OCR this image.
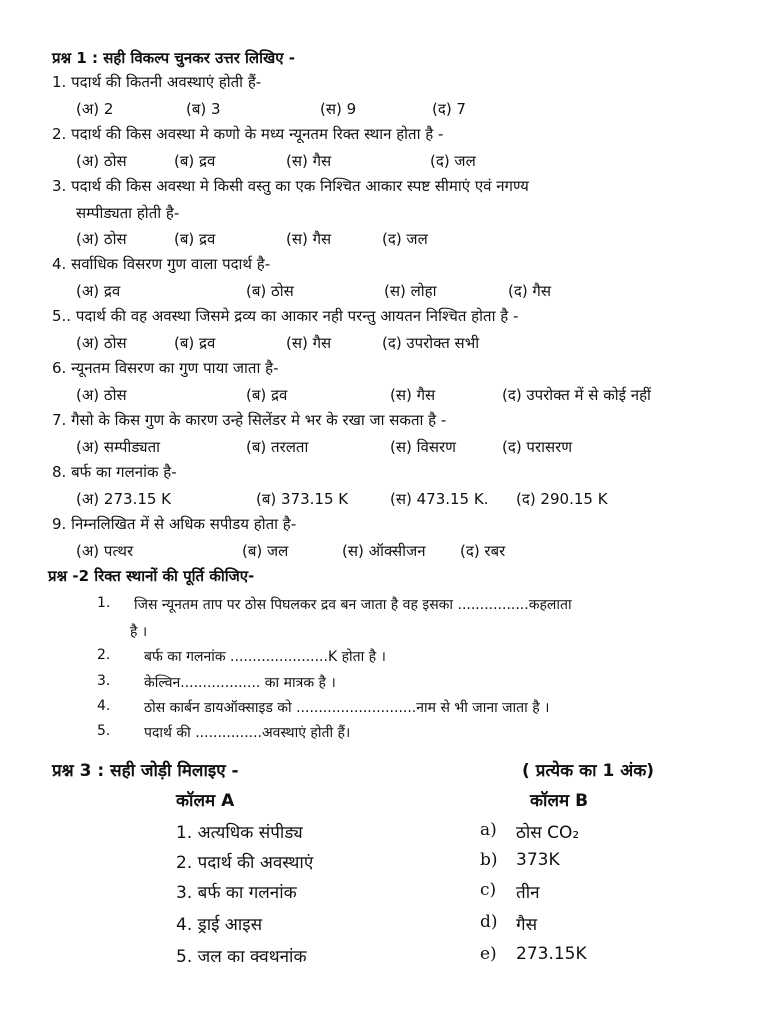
प्रश्न 1 : सही विकल्प चुनकर उत्तर लिखिए -
1. पदार्थ की कितनी अवस्थाएं होती हैं-
(अ) 2	(ब) 3	(स) 9	(द) 7
2. पदार्थ की किस अवस्था मे कणो के मध्य न्यूनतम रिक्त स्थान होता है -
(अ) ठोस	(ब) द्रव	(स) गैस	(द) जल
3. पदार्थ की किस अवस्था मे किसी वस्तु का एक निश्चित आकार स्पष्ट सीमाएं एवं नगण्य
सम्पीड्यता होती है-
(अ) ठोस	(ब) द्रव	(स) गैस	(द) जल
4. सर्वाधिक विसरण गुण वाला पदार्थ है-
(अ) द्रव	(ब) ठोस	(स) लोहा	(द) गैस
5.. पदार्थ की वह अवस्था जिसमे द्रव्य का आकार नही परन्तु आयतन निश्चित होता है -
(अ) ठोस	(ब) द्रव	(स) गैस	(द) उपरोक्त सभी
6. न्यूनतम विसरण का गुण पाया जाता है-
(अ) ठोस	(ब) द्रव	(स) गैस	(द) उपरोक्त में से कोई नहीं
7. गैसो के किस गुण के कारण उन्हे सिलेंडर मे भर के रखा जा सकता है -
(अ) सम्पीड्यता	(ब) तरलता	(स) विसरण	(द) परासरण
8. बर्फ का गलनांक है-
(अ) 273.15 K	(ब) 373.15 K	(स) 473.15 K. (द) 290.15 K
9. निम्नलिखित में से अधिक सपीडय होता है-
(अ) पत्थर	(ब) जल	(स) ऑक्सीजन (द) रबर
प्रश्न -2 रिक्त स्थानों की पूर्ति कीजिए-
1. जिस न्यूनतम ताप पर ठोस पिघलकर द्रव बन जाता है वह इसका ................कहलाता
है ।
2. बर्फ का गलनांक ......................K होता है ।
3. केल्विन.................. का मात्रक है ।
4. ठोस कार्बन डायऑक्साइड को ...........................नाम से भी जाना जाता है ।
5. पदार्थ की ...............अवस्थाएं होती हैं।
प्रश्न 3 : सही जोड़ी मिलाइए -	( प्रत्येक का 1 अंक)
कॉलम A	कॉलम B
1. अत्यधिक संपीड्य	a) ठोस CO₂
2. पदार्थ की अवस्थाएं	b) 373K
3. बर्फ का गलनांक	c) तीन
4. ड्राई आइस	d) गैस
5. जल का क्वथनांक	e) 273.15K
